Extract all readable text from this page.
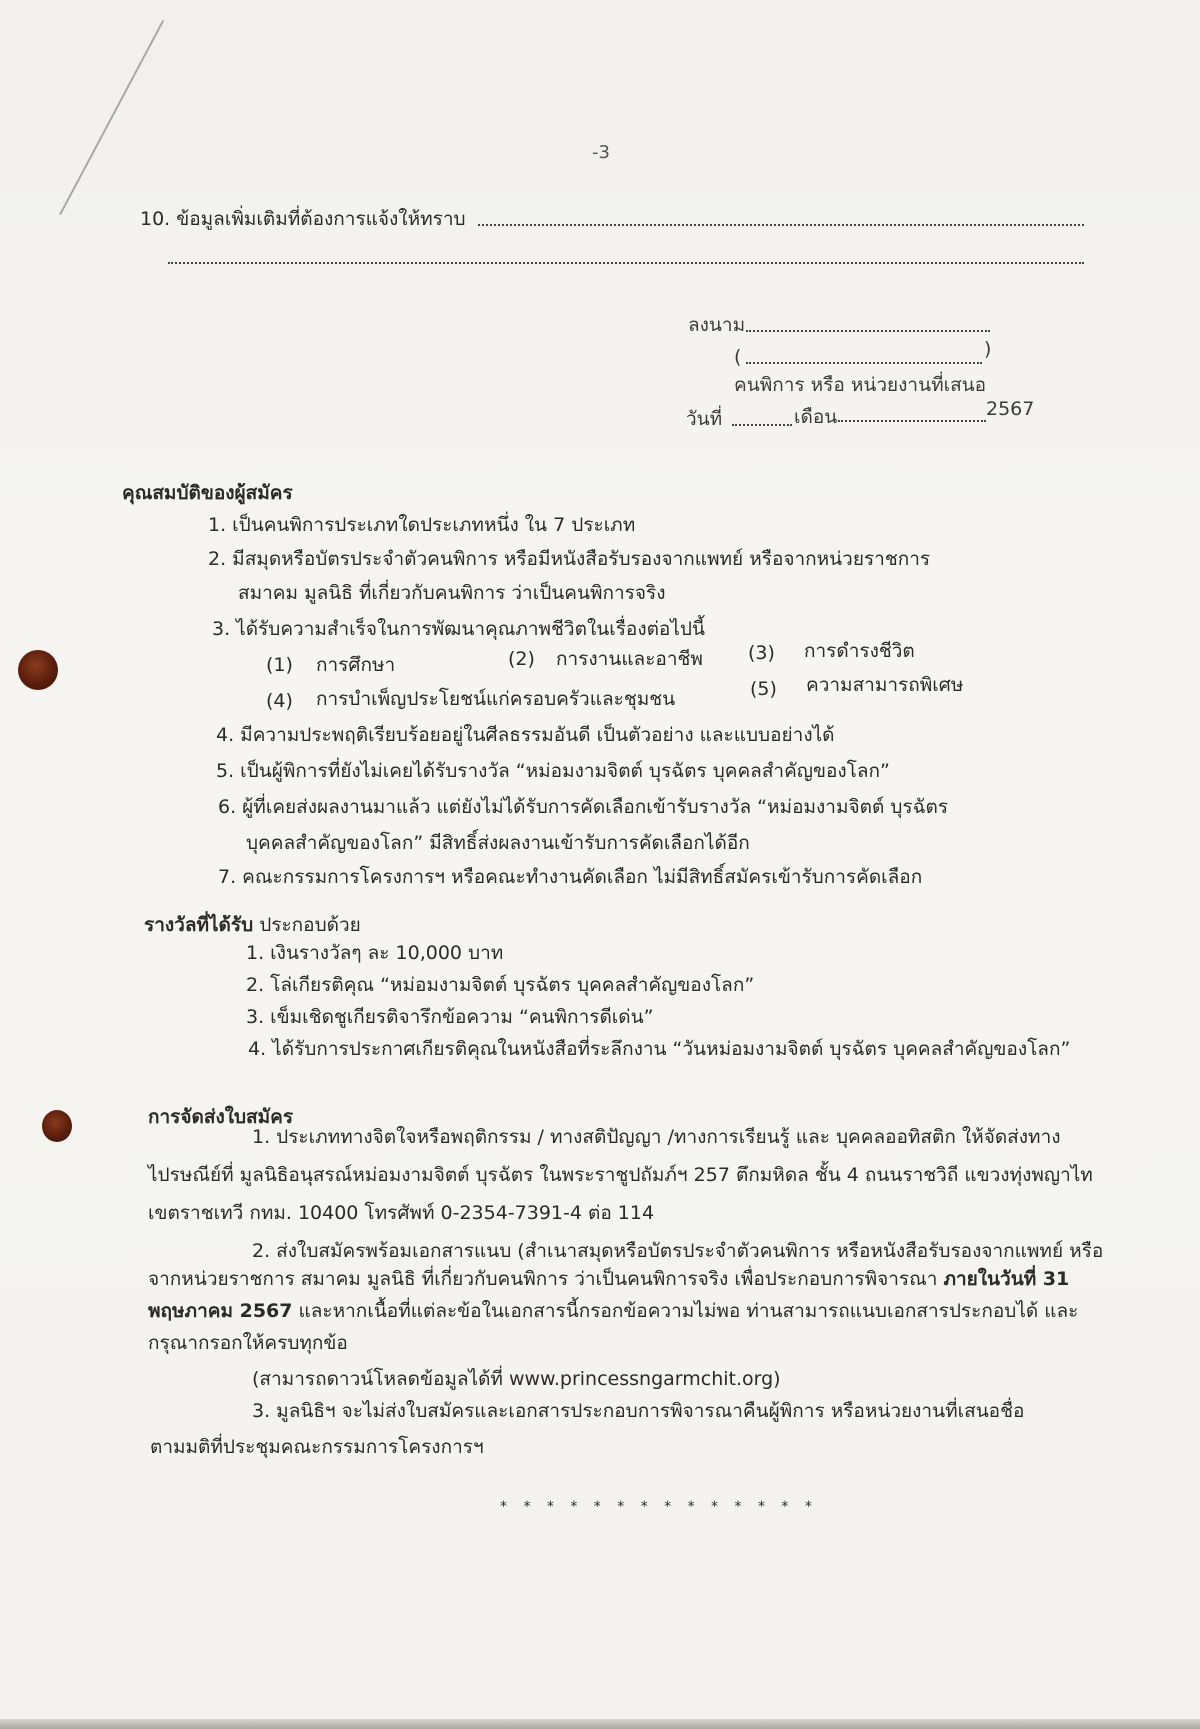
-3
10. ข้อมูลเพิ่มเติมที่ต้องการแจ้งให้ทราบ
ลงนาม
(	)
คนพิการ หรือ หน่วยงานที่เสนอ
วันที่	เดือน	2567
คุณสมบัติของผู้สมัคร
1. เป็นคนพิการประเภทใดประเภทหนึ่ง ใน 7 ประเภท
2. มีสมุดหรือบัตรประจำตัวคนพิการ หรือมีหนังสือรับรองจากแพทย์ หรือจากหน่วยราชการ
สมาคม มูลนิธิ ที่เกี่ยวกับคนพิการ ว่าเป็นคนพิการจริง
3. ได้รับความสำเร็จในการพัฒนาคุณภาพชีวิตในเรื่องต่อไปนี้
(1) การศึกษา	(2) การงานและอาชีพ (3) การดำรงชีวิต
(4) การบำเพ็ญประโยชน์แก่ครอบครัวและชุมชน	(5) ความสามารถพิเศษ
4. มีความประพฤติเรียบร้อยอยู่ในศีลธรรมอันดี เป็นตัวอย่าง และแบบอย่างได้
5. เป็นผู้พิการที่ยังไม่เคยได้รับรางวัล “หม่อมงามจิตต์ บุรฉัตร บุคคลสำคัญของโลก”
6. ผู้ที่เคยส่งผลงานมาแล้ว แต่ยังไม่ได้รับการคัดเลือกเข้ารับรางวัล “หม่อมงามจิตต์ บุรฉัตร
บุคคลสำคัญของโลก” มีสิทธิ์ส่งผลงานเข้ารับการคัดเลือกได้อีก
7. คณะกรรมการโครงการฯ หรือคณะทำงานคัดเลือก ไม่มีสิทธิ์สมัครเข้ารับการคัดเลือก
รางวัลที่ได้รับ ประกอบด้วย
1. เงินรางวัลๆ ละ 10,000 บาท
2. โล่เกียรติคุณ “หม่อมงามจิตต์ บุรฉัตร บุคคลสำคัญของโลก”
3. เข็มเชิดชูเกียรติจารึกข้อความ “คนพิการดีเด่น”
4. ได้รับการประกาศเกียรติคุณในหนังสือที่ระลึกงาน “วันหม่อมงามจิตต์ บุรฉัตร บุคคลสำคัญของโลก”
การจัดส่งใบสมัคร
1. ประเภททางจิตใจหรือพฤติกรรม / ทางสติปัญญา /ทางการเรียนรู้ และ บุคคลออทิสติก ให้จัดส่งทาง
ไปรษณีย์ที่ มูลนิธิอนุสรณ์หม่อมงามจิตต์ บุรฉัตร ในพระราชูปถัมภ์ฯ 257 ตึกมหิดล ชั้น 4 ถนนราชวิถี แขวงทุ่งพญาไท
เขตราชเทวี กทม. 10400 โทรศัพท์ 0-2354-7391-4 ต่อ 114
2. ส่งใบสมัครพร้อมเอกสารแนบ (สำเนาสมุดหรือบัตรประจำตัวคนพิการ หรือหนังสือรับรองจากแพทย์ หรือ
จากหน่วยราชการ สมาคม มูลนิธิ ที่เกี่ยวกับคนพิการ ว่าเป็นคนพิการจริง เพื่อประกอบการพิจารณา ภายในวันที่ 31
พฤษภาคม 2567 และหากเนื้อที่แต่ละข้อในเอกสารนี้กรอกข้อความไม่พอ ท่านสามารถแนบเอกสารประกอบได้ และ
กรุณากรอกให้ครบทุกข้อ
(สามารถดาวน์โหลดข้อมูลได้ที่ www.princessngarmchit.org)
3. มูลนิธิฯ จะไม่ส่งใบสมัครและเอกสารประกอบการพิจารณาคืนผู้พิการ หรือหน่วยงานที่เสนอชื่อ
ตามมติที่ประชุมคณะกรรมการโครงการฯ
* * * * * * * * * * * * * *
